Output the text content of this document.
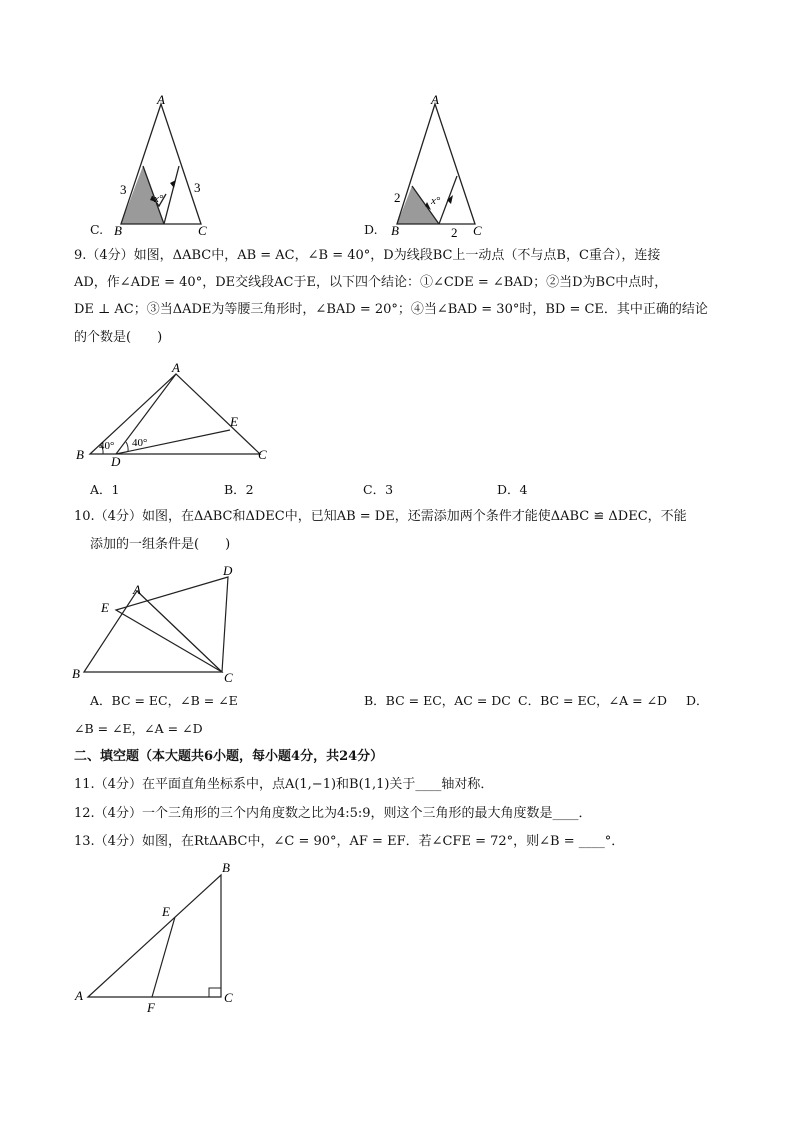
A
B	C
3	3
x°
C.
A
B	C
2
2
x°
D.
9.（4分）如图，ΔABC中，AB = AC，∠B = 40°，D为线段BC上一动点（不与点B，C重合），连接
AD，作∠ADE = 40°，DE交线段AC于E，以下四个结论：①∠CDE = ∠BAD；②当D为BC中点时，
DE ⊥ AC；③当ΔADE为等腰三角形时，∠BAD = 20°；④当∠BAD = 30°时，BD = CE．其中正确的结论
的个数是(　　)
A
B	C
D
E
40° 40°
A．1	B．2	C．3	D．4
10.（4分）如图，在ΔABC和ΔDEC中，已知AB = DE，还需添加两个条件才能使ΔABC ≌ ΔDEC，不能
添加的一组条件是(　　)
A
B	C
D
E
A．BC = EC，∠B = ∠E	B．BC = EC，AC = DC C．BC = EC，∠A = ∠D D．
∠B = ∠E，∠A = ∠D
二、填空题（本大题共6小题，每小题4分，共24分）
11.（4分）在平面直角坐标系中，点A(1,−1)和B(1,1)关于____轴对称．
12.（4分）一个三角形的三个内角度数之比为4:5:9，则这个三角形的最大角度数是____．
13.（4分）如图，在RtΔABC中，∠C = 90°，AF = EF．若∠CFE = 72°，则∠B = ____°．
B
A	C
E
F
